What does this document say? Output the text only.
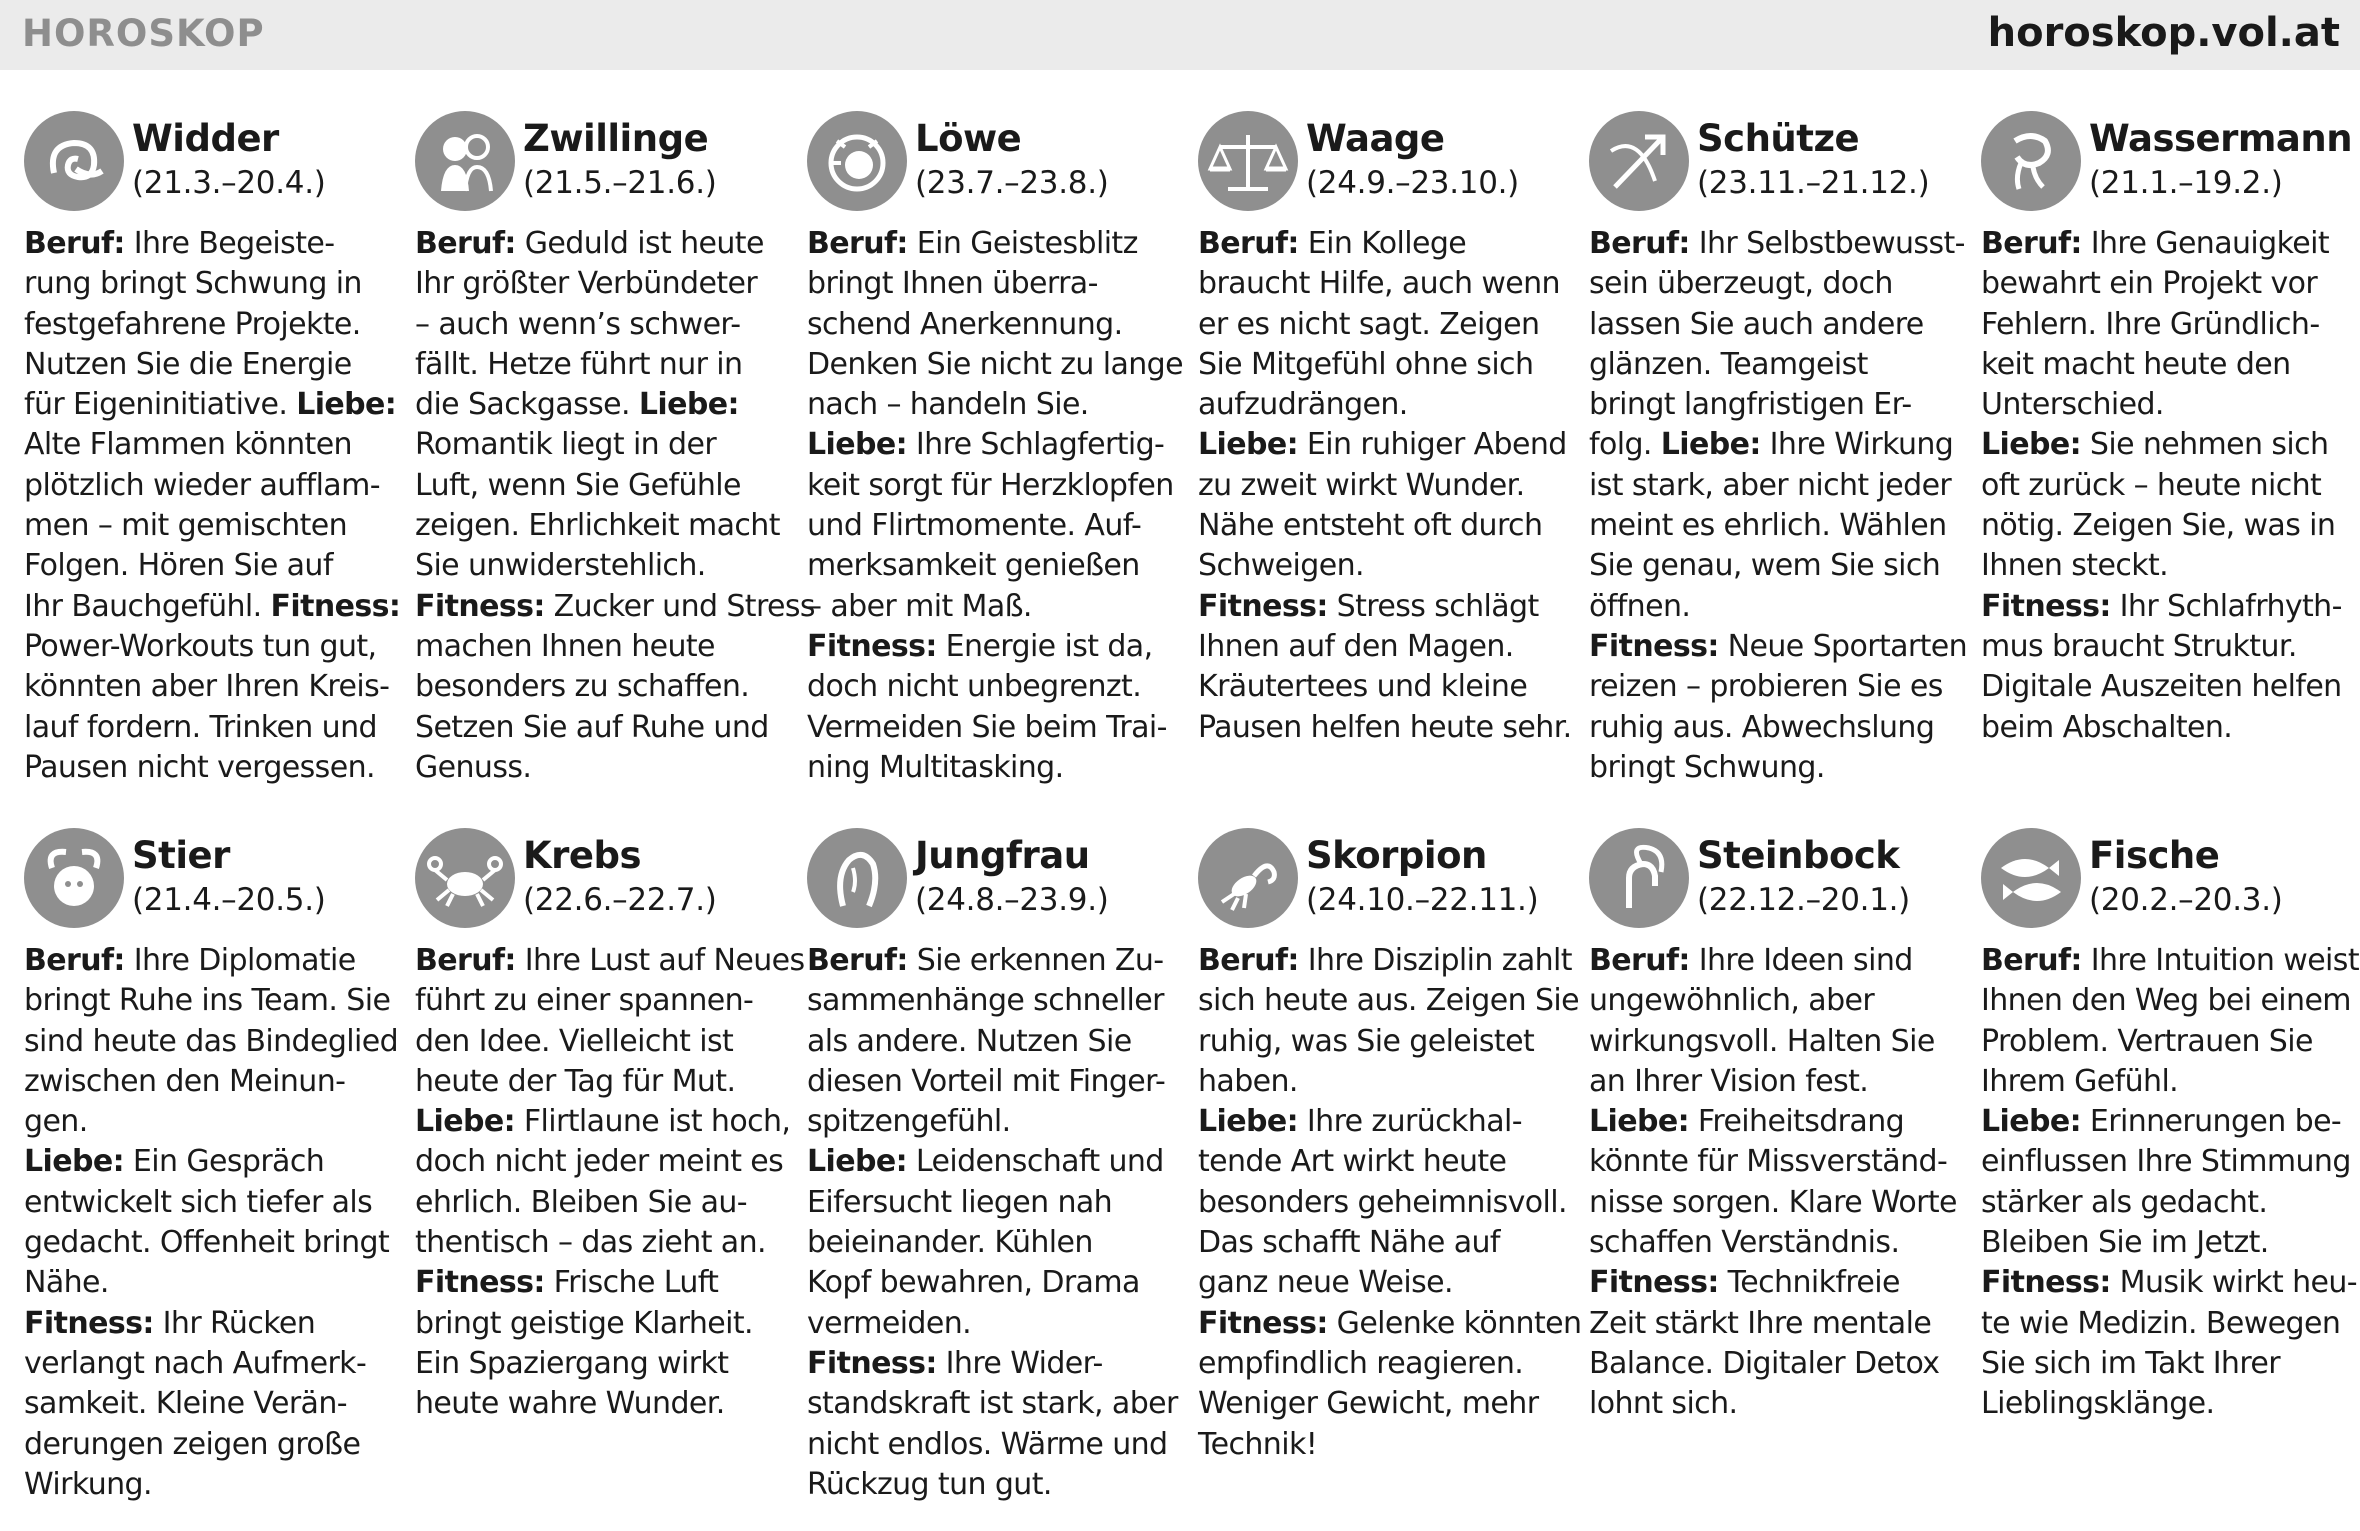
HOROSKOP	horoskop.vol.at
Widder
(21.3.–20.4.)
Beruf: Ihre Begeiste-
rung bringt Schwung in
festgefahrene Projekte.
Nutzen Sie die Energie
für Eigeninitiative. Liebe:
Alte Flammen könnten
plötzlich wieder aufflam-
men – mit gemischten
Folgen. Hören Sie auf
Ihr Bauchgefühl. Fitness:
Power-Workouts tun gut,
könnten aber Ihren Kreis-
lauf fordern. Trinken und
Pausen nicht vergessen.
Zwillinge
(21.5.–21.6.)
Beruf: Geduld ist heute
Ihr größter Verbündeter
– auch wenn’s schwer-
fällt. Hetze führt nur in
die Sackgasse. Liebe:
Romantik liegt in der
Luft, wenn Sie Gefühle
zeigen. Ehrlichkeit macht
Sie unwiderstehlich.
Fitness: Zucker und Stress
machen Ihnen heute
besonders zu schaffen.
Setzen Sie auf Ruhe und
Genuss.
Löwe
(23.7.–23.8.)
Beruf: Ein Geistesblitz
bringt Ihnen überra-
schend Anerkennung.
Denken Sie nicht zu lange
nach – handeln Sie.
Liebe: Ihre Schlagfertig-
keit sorgt für Herzklopfen
und Flirtmomente. Auf-
merksamkeit genießen
– aber mit Maß.
Fitness: Energie ist da,
doch nicht unbegrenzt.
Vermeiden Sie beim Trai-
ning Multitasking.
Waage
(24.9.–23.10.)
Beruf: Ein Kollege
braucht Hilfe, auch wenn
er es nicht sagt. Zeigen
Sie Mitgefühl ohne sich
aufzudrängen.
Liebe: Ein ruhiger Abend
zu zweit wirkt Wunder.
Nähe entsteht oft durch
Schweigen.
Fitness: Stress schlägt
Ihnen auf den Magen.
Kräutertees und kleine
Pausen helfen heute sehr.
Schütze
(23.11.–21.12.)
Beruf: Ihr Selbstbewusst-
sein überzeugt, doch
lassen Sie auch andere
glänzen. Teamgeist
bringt langfristigen Er-
folg. Liebe: Ihre Wirkung
ist stark, aber nicht jeder
meint es ehrlich. Wählen
Sie genau, wem Sie sich
öffnen.
Fitness: Neue Sportarten
reizen – probieren Sie es
ruhig aus. Abwechslung
bringt Schwung.
Wassermann
(21.1.–19.2.)
Beruf: Ihre Genauigkeit
bewahrt ein Projekt vor
Fehlern. Ihre Gründlich-
keit macht heute den
Unterschied.
Liebe: Sie nehmen sich
oft zurück – heute nicht
nötig. Zeigen Sie, was in
Ihnen steckt.
Fitness: Ihr Schlafrhyth-
mus braucht Struktur.
Digitale Auszeiten helfen
beim Abschalten.
Stier
(21.4.–20.5.)
Beruf: Ihre Diplomatie
bringt Ruhe ins Team. Sie
sind heute das Bindeglied
zwischen den Meinun-
gen.
Liebe: Ein Gespräch
entwickelt sich tiefer als
gedacht. Offenheit bringt
Nähe.
Fitness: Ihr Rücken
verlangt nach Aufmerk-
samkeit. Kleine Verän-
derungen zeigen große
Wirkung.
Krebs
(22.6.–22.7.)
Beruf: Ihre Lust auf Neues
führt zu einer spannen-
den Idee. Vielleicht ist
heute der Tag für Mut.
Liebe: Flirtlaune ist hoch,
doch nicht jeder meint es
ehrlich. Bleiben Sie au-
thentisch – das zieht an.
Fitness: Frische Luft
bringt geistige Klarheit.
Ein Spaziergang wirkt
heute wahre Wunder.
Jungfrau
(24.8.–23.9.)
Beruf: Sie erkennen Zu-
sammenhänge schneller
als andere. Nutzen Sie
diesen Vorteil mit Finger-
spitzengefühl.
Liebe: Leidenschaft und
Eifersucht liegen nah
beieinander. Kühlen
Kopf bewahren, Drama
vermeiden.
Fitness: Ihre Wider-
standskraft ist stark, aber
nicht endlos. Wärme und
Rückzug tun gut.
Skorpion
(24.10.–22.11.)
Beruf: Ihre Disziplin zahlt
sich heute aus. Zeigen Sie
ruhig, was Sie geleistet
haben.
Liebe: Ihre zurückhal-
tende Art wirkt heute
besonders geheimnisvoll.
Das schafft Nähe auf
ganz neue Weise.
Fitness: Gelenke könnten
empfindlich reagieren.
Weniger Gewicht, mehr
Technik!
Steinbock
(22.12.–20.1.)
Beruf: Ihre Ideen sind
ungewöhnlich, aber
wirkungsvoll. Halten Sie
an Ihrer Vision fest.
Liebe: Freiheitsdrang
könnte für Missverständ-
nisse sorgen. Klare Worte
schaffen Verständnis.
Fitness: Technikfreie
Zeit stärkt Ihre mentale
Balance. Digitaler Detox
lohnt sich.
Fische
(20.2.–20.3.)
Beruf: Ihre Intuition weist
Ihnen den Weg bei einem
Problem. Vertrauen Sie
Ihrem Gefühl.
Liebe: Erinnerungen be-
einflussen Ihre Stimmung
stärker als gedacht.
Bleiben Sie im Jetzt.
Fitness: Musik wirkt heu-
te wie Medizin. Bewegen
Sie sich im Takt Ihrer
Lieblingsklänge.
